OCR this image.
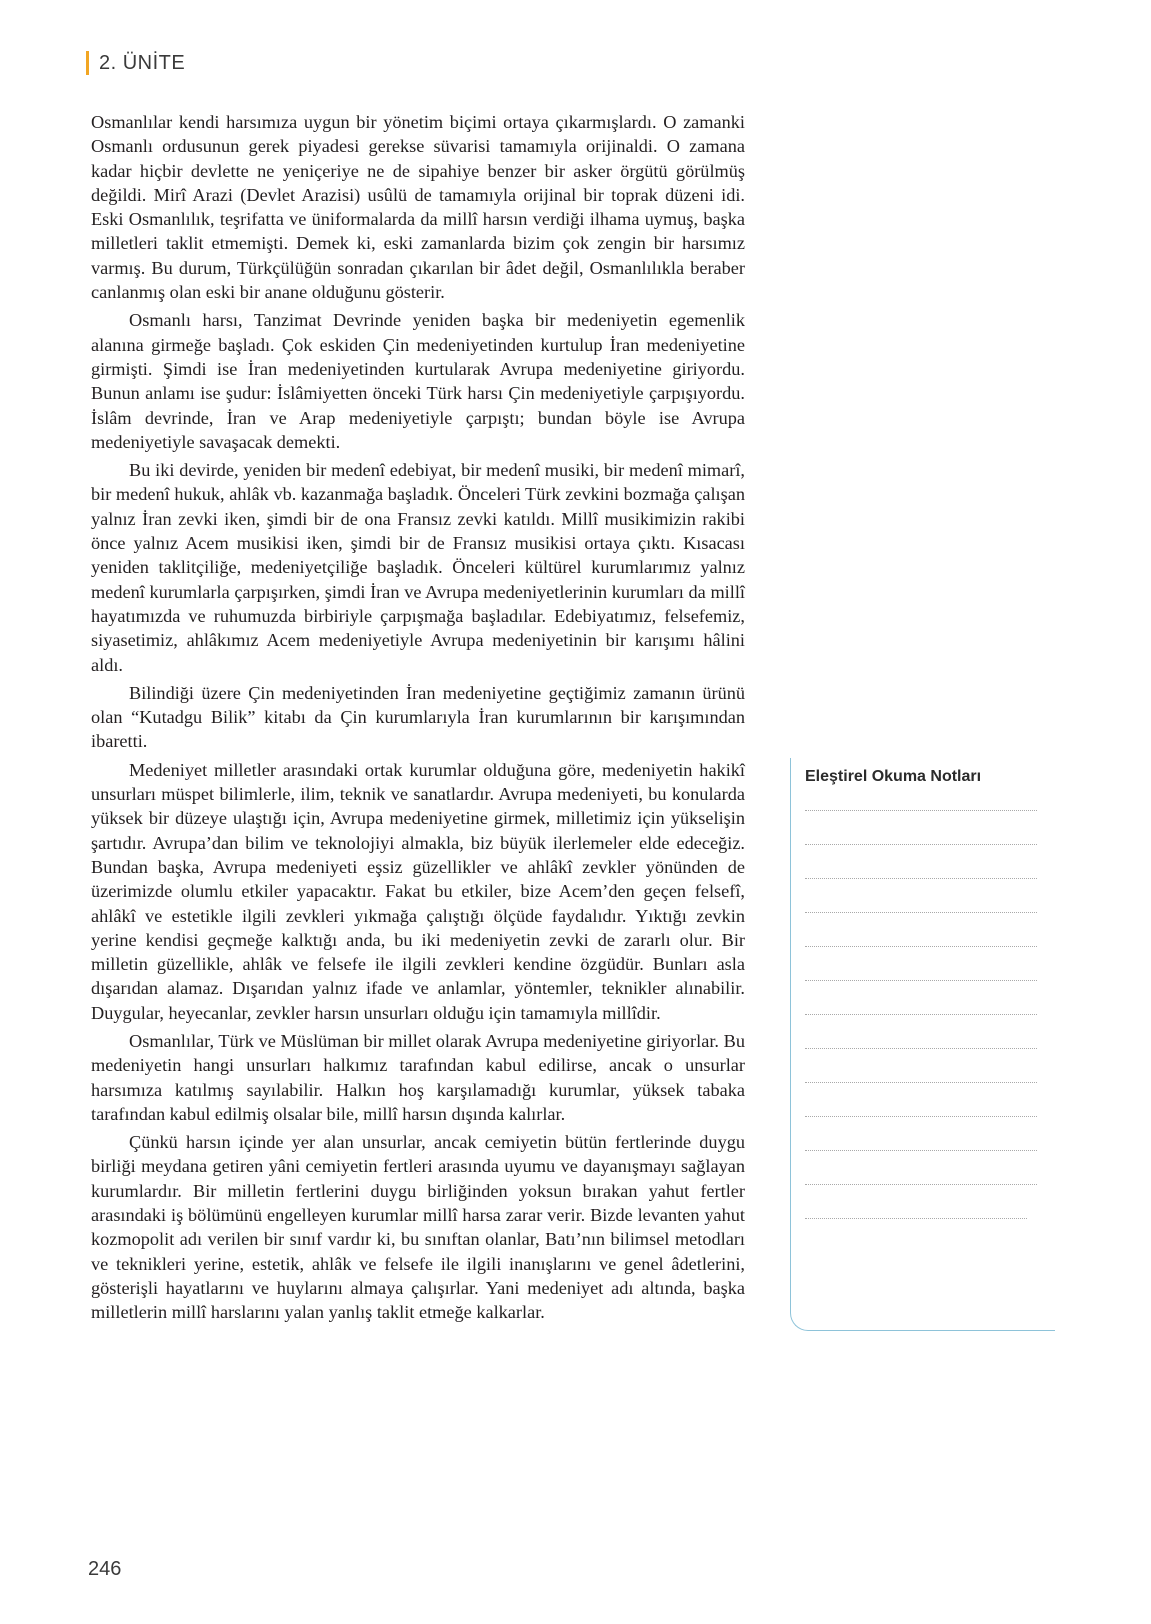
2. ÜNİTE

Osmanlılar kendi harsımıza uygun bir yönetim biçimi ortaya çıkarmışlardı. O zamanki Osmanlı ordusunun gerek piyadesi gerekse süvarisi tamamıyla orijinaldi. O zamana kadar hiçbir devlette ne yeniçeriye ne de sipahiye benzer bir asker örgütü görülmüş değildi. Mirî Arazi (Devlet Arazisi) usûlü de tamamıyla orijinal bir toprak düzeni idi. Eski Osmanlılık, teşrifatta ve üniformalarda da millî harsın verdiği ilhama uymuş, başka milletleri taklit etmemişti. Demek ki, eski zamanlarda bizim çok zengin bir harsımız varmış. Bu durum, Türkçülüğün sonradan çıkarılan bir âdet değil, Osmanlılıkla beraber canlanmış olan eski bir anane olduğunu gösterir.

Osmanlı harsı, Tanzimat Devrinde yeniden başka bir medeniyetin egemenlik alanına girmeğe başladı. Çok eskiden Çin medeniyetinden kurtulup İran medeniyetine girmişti. Şimdi ise İran medeniyetinden kurtularak Avrupa medeniyetine giriyordu. Bunun anlamı ise şudur: İslâmiyetten önceki Türk harsı Çin medeniyetiyle çarpışıyordu. İslâm devrinde, İran ve Arap medeniyetiyle çarpıştı; bundan böyle ise Avrupa medeniyetiyle savaşacak demekti.

Bu iki devirde, yeniden bir medenî edebiyat, bir medenî musiki, bir medenî mimarî, bir medenî hukuk, ahlâk vb. kazanmağa başladık. Önceleri Türk zevkini bozmağa çalışan yalnız İran zevki iken, şimdi bir de ona Fransız zevki katıldı. Millî musikimizin rakibi önce yalnız Acem musikisi iken, şimdi bir de Fransız musikisi ortaya çıktı. Kısacası yeniden taklitçiliğe, medeniyetçiliğe başladık. Önceleri kültürel kurumlarımız yalnız medenî kurumlarla çarpışırken, şimdi İran ve Avrupa medeniyetlerinin kurumları da millî hayatımızda ve ruhumuzda birbiriyle çarpışmağa başladılar. Edebiyatımız, felsefemiz, siyasetimiz, ahlâkımız Acem medeniyetiyle Avrupa medeniyetinin bir karışımı hâlini aldı.

Bilindiği üzere Çin medeniyetinden İran medeniyetine geçtiğimiz zamanın ürünü olan “Kutadgu Bilik” kitabı da Çin kurumlarıyla İran kurumlarının bir karışımından ibaretti.

Medeniyet milletler arasındaki ortak kurumlar olduğuna göre, medeniyetin hakikî unsurları müspet bilimlerle, ilim, teknik ve sanatlardır. Avrupa medeniyeti, bu konularda yüksek bir düzeye ulaştığı için, Avrupa medeniyetine girmek, milletimiz için yükselişin şartıdır. Avrupa’dan bilim ve teknolojiyi almakla, biz büyük ilerlemeler elde edeceğiz. Bundan başka, Avrupa medeniyeti eşsiz güzellikler ve ahlâkî zevkler yönünden de üzerimizde olumlu etkiler yapacaktır. Fakat bu etkiler, bize Acem’den geçen felsefî, ahlâkî ve estetikle ilgili zevkleri yıkmağa çalıştığı ölçüde faydalıdır. Yıktığı zevkin yerine kendisi geçmeğe kalktığı anda, bu iki medeniyetin zevki de zararlı olur. Bir milletin güzellikle, ahlâk ve felsefe ile ilgili zevkleri kendine özgüdür. Bunları asla dışarıdan alamaz. Dışarıdan yalnız ifade ve anlamlar, yöntemler, teknikler alınabilir. Duygular, heyecanlar, zevkler harsın unsurları olduğu için tamamıyla millîdir.

Osmanlılar, Türk ve Müslüman bir millet olarak Avrupa medeniyetine giriyorlar. Bu medeniyetin hangi unsurları halkımız tarafından kabul edilirse, ancak o unsurlar harsımıza katılmış sayılabilir. Halkın hoş karşılamadığı kurumlar, yüksek tabaka tarafından kabul edilmiş olsalar bile, millî harsın dışında kalırlar.

Çünkü harsın içinde yer alan unsurlar, ancak cemiyetin bütün fertlerinde duygu birliği meydana getiren yâni cemiyetin fertleri arasında uyumu ve dayanışmayı sağlayan kurumlardır. Bir milletin fertlerini duygu birliğinden yoksun bırakan yahut fertler arasındaki iş bölümünü engelleyen kurumlar millî harsa zarar verir. Bizde levanten yahut kozmopolit adı verilen bir sınıf vardır ki, bu sınıftan olanlar, Batı’nın bilimsel metodları ve teknikleri yerine, estetik, ahlâk ve felsefe ile ilgili inanışlarını ve genel âdetlerini, gösterişli hayatlarını ve huylarını almaya çalışırlar. Yani medeniyet adı altında, başka milletlerin millî harslarını yalan yanlış taklit etmeğe kalkarlar.

Eleştirel Okuma Notları
246
